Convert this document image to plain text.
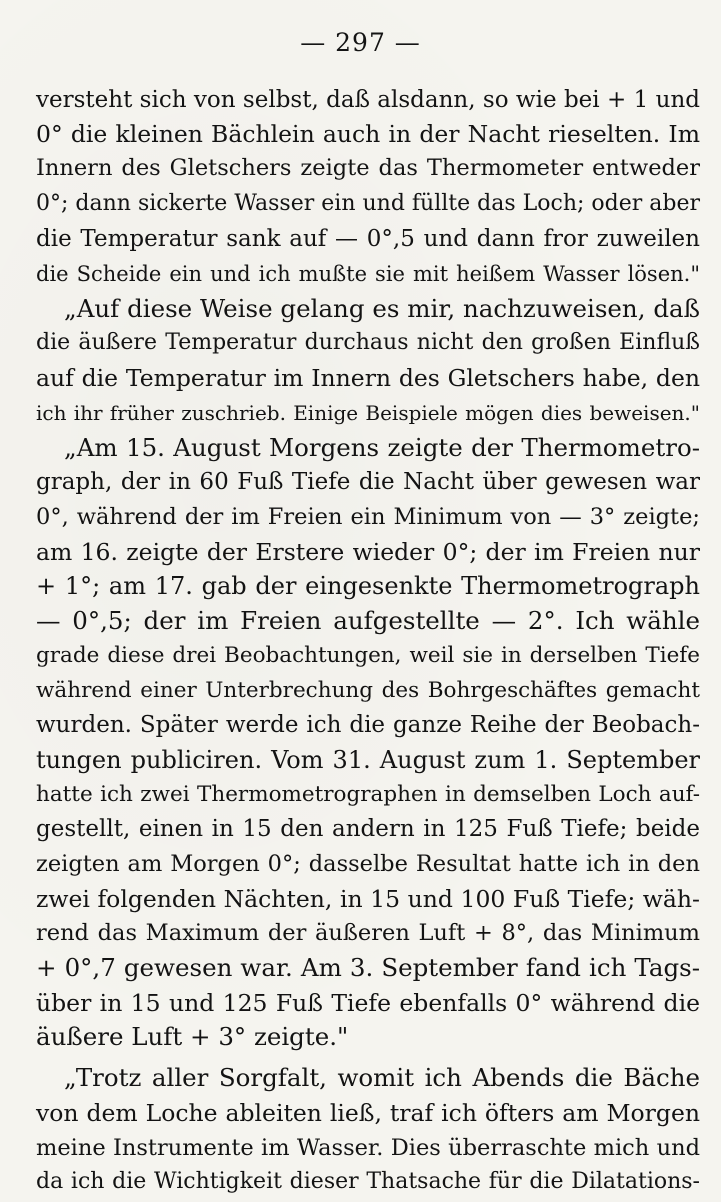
— 297 —
versteht sich von selbst, daß alsdann, so wie bei + 1 und
0° die kleinen Bächlein auch in der Nacht rieselten. Im
Innern des Gletschers zeigte das Thermometer entweder
0°; dann sickerte Wasser ein und füllte das Loch; oder aber
die Temperatur sank auf — 0°,5 und dann fror zuweilen
die Scheide ein und ich mußte sie mit heißem Wasser lösen."
„Auf diese Weise gelang es mir, nachzuweisen, daß
die äußere Temperatur durchaus nicht den großen Einfluß
auf die Temperatur im Innern des Gletschers habe, den
ich ihr früher zuschrieb. Einige Beispiele mögen dies beweisen."
„Am 15. August Morgens zeigte der Thermometro-
graph, der in 60 Fuß Tiefe die Nacht über gewesen war
0°, während der im Freien ein Minimum von — 3° zeigte;
am 16. zeigte der Erstere wieder 0°; der im Freien nur
+ 1°; am 17. gab der eingesenkte Thermometrograph
— 0°,5; der im Freien aufgestellte — 2°. Ich wähle
grade diese drei Beobachtungen, weil sie in derselben Tiefe
während einer Unterbrechung des Bohrgeschäftes gemacht
wurden. Später werde ich die ganze Reihe der Beobach-
tungen publiciren. Vom 31. August zum 1. September
hatte ich zwei Thermometrographen in demselben Loch auf-
gestellt, einen in 15 den andern in 125 Fuß Tiefe; beide
zeigten am Morgen 0°; dasselbe Resultat hatte ich in den
zwei folgenden Nächten, in 15 und 100 Fuß Tiefe; wäh-
rend das Maximum der äußeren Luft + 8°, das Minimum
+ 0°,7 gewesen war. Am 3. September fand ich Tags-
über in 15 und 125 Fuß Tiefe ebenfalls 0° während die
äußere Luft + 3° zeigte."
„Trotz aller Sorgfalt, womit ich Abends die Bäche
von dem Loche ableiten ließ, traf ich öfters am Morgen
meine Instrumente im Wasser. Dies überraschte mich und
da ich die Wichtigkeit dieser Thatsache für die Dilatations-
